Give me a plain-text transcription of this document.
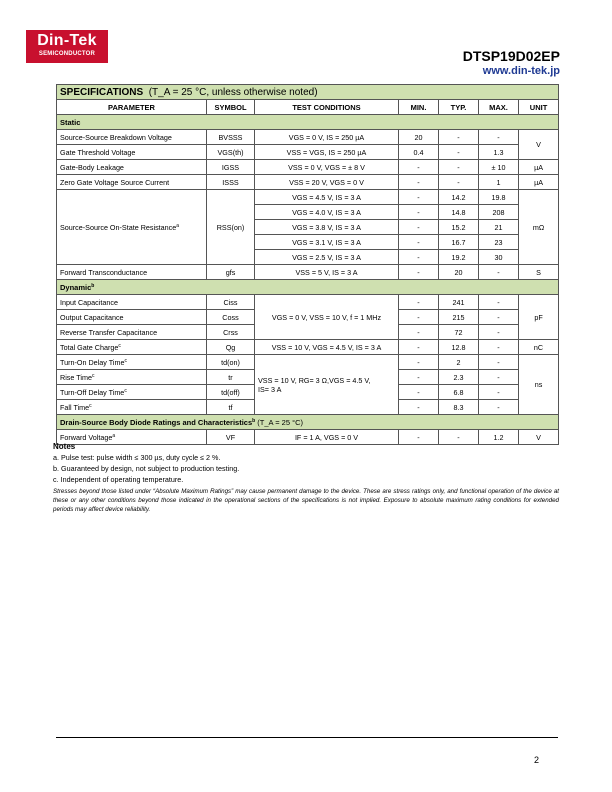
Din-Tek
SEMICONDUCTOR	DTSP19D02EP
www.din-tek.jp
SPECIFICATIONS (T_A = 25 °C, unless otherwise noted)						
PARAMETER	SYMBOL	TEST CONDITIONS	MIN.	TYP.	MAX.	UNIT
Static						
Source-Source Breakdown Voltage	BVSSS	VGS = 0 V, IS = 250 µA	20	-	-	V
Gate Threshold Voltage	VGS(th)	VSS = VGS, IS = 250 µA	0.4	-	1.3	
Gate-Body Leakage	IGSS	VSS = 0 V, VGS = ± 8 V	-	-	± 10	µA
Zero Gate Voltage Source Current	ISSS	VSS = 20 V, VGS = 0 V	-	-	1	µA
Source-Source On-State Resistance$^a$	RSS(on)	VGS = 4.5 V, IS = 3 A	-	14.2	19.8	mΩ
		VGS = 4.0 V, IS = 3 A	-	14.8	208	
		VGS = 3.8 V, IS = 3 A	-	15.2	21	
		VGS = 3.1 V, IS = 3 A	-	16.7	23	
		VGS = 2.5 V, IS = 3 A	-	19.2	30	
Forward Transconductance	gfs	VSS = 5 V, IS = 3 A	-	20	-	S
Dynamic$^b$
Input Capacitance	Ciss	VGS = 0 V, VSS = 10 V, f = 1 MHz	-	241	-	pF
Output Capacitance	Coss		-	215	-	
Reverse Transfer Capacitance	Crss		-	72	-	
Total Gate Charge$^c$	Qg	VSS = 10 V, VGS = 4.5 V, IS = 3 A	-	12.8	-	nC
Turn-On Delay Time$^c$	td(on)	VSS = 10 V, RG= 3 Ω,VGS = 4.5 V,
IS= 3 A	-	2	-	ns
Rise Time$^c$	tr		-	2.3	-	
Turn-Off Delay Time$^c$	td(off)		-	6.8	-	
Fall Time$^c$	tf		-	8.3	-	
Drain-Source Body Diode Ratings and Characteristics$^b$ (T_A = 25 °C)						
Forward Voltage$^a$	VF	IF = 1 A, VGS = 0 V	-	-	1.2	V
Notes
a. Pulse test: pulse width ≤ 300 µs, duty cycle ≤ 2 %.
b. Guaranteed by design, not subject to production testing.
c. Independent of operating temperature.
Stresses beyond those listed under “Absolute Maximum Ratings” may cause permanent damage to the device. These are stress ratings only, and functional operation of the device at these or any other conditions beyond those indicated in the operational sections of the specifications is not implied. Exposure to absolute maximum rating conditions for extended periods may affect device reliability.
2
